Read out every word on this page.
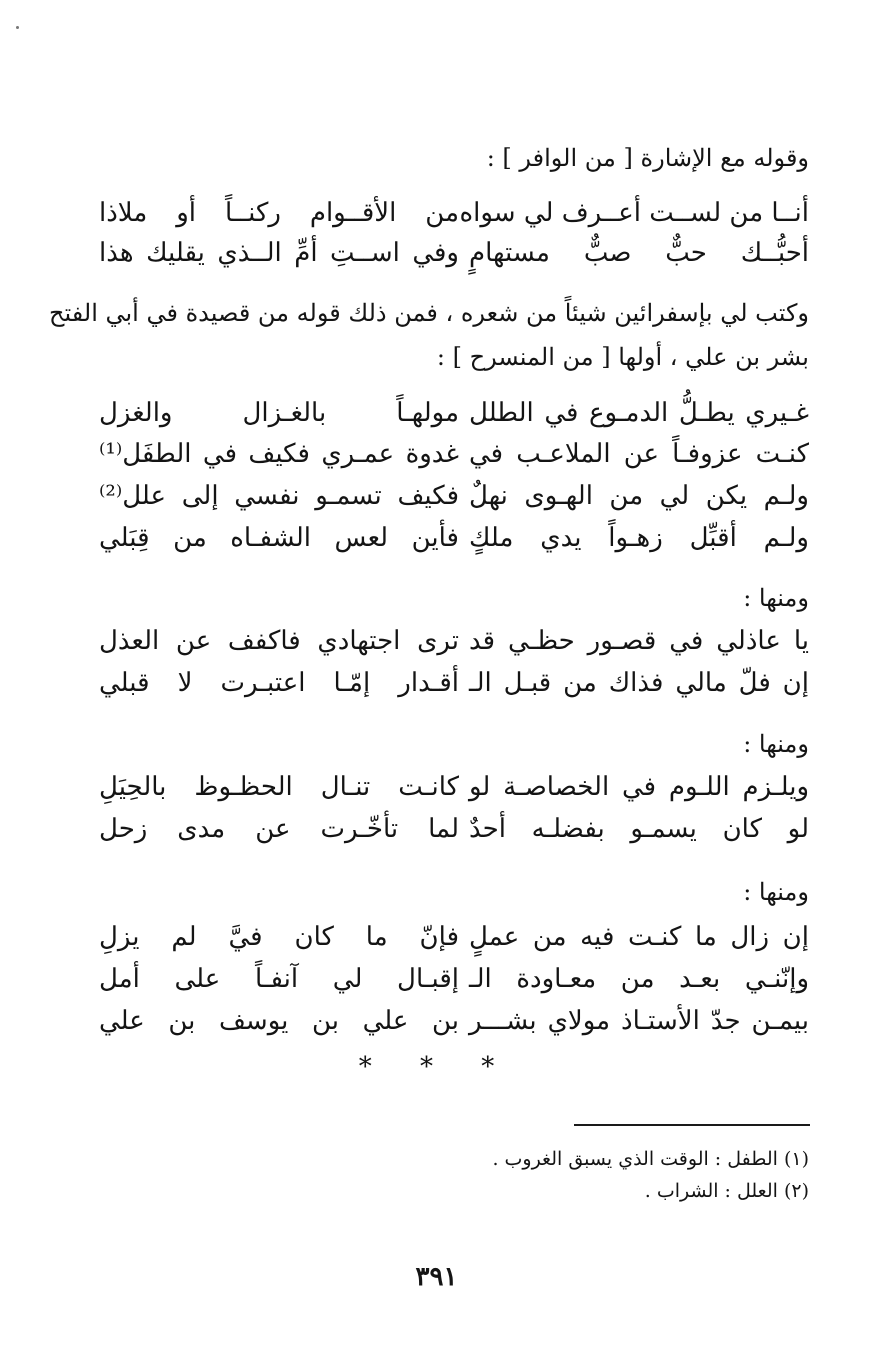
وقوله مع الإشارة [ من الوافر ] :
أنــا من لســت أعــرف لي سواه
من الأقــوام ركنــاً أو ملاذا
أحبُّــك حبٌّ صبٌّ مستهامٍ
وفي اســتِ أمِّ الــذي يقليك هذا
وكتب لي بإسفرائين شيئاً من شعره ، فمن ذلك قوله من قصيدة في أبي الفتح
بشر بن علي ، أولها [ من المنسرح ] :
غـيري يطـلُّ الدمـوع في الطلل
مولهـاً بالغـزال والغزل
كنـت عزوفـاً عن الملاعـب في
غدوة عمـري فكيف في الطفَل⁽¹⁾
ولـم يكن لي من الهـوى نهلٌ
فكيف تسمـو نفسي إلى علل⁽²⁾
ولـم أقبِّل زهـواً يدي ملكٍ
فأين لعس الشفـاه من قِبَلي
ومنها :
يا عاذلي في قصـور حظـي قد
ترى اجتهادي فاكفف عن العذل
إن فلّ مالي فذاك من قبـل الـ
أقـدار إمّـا اعتبـرت لا قبلي
ومنها :
ويلـزم اللـوم في الخصاصـة لو
كانـت تنـال الحظـوظ بالحِيَلِ
لو كان يسمـو بفضلـه أحدٌ
لما تأخّـرت عن مدى زحل
ومنها :
إن زال ما كنـت فيه من عملٍ
فإنّ ما كان فيَّ لم يزلِ
وإنّنـي بعـد من معـاودة الـ
إقبـال لي آنفـاً على أمل
بيمـن جدّ الأستـاذ مولاي بشـــر
بن علي بن يوسف بن علي
* * *
(١) الطفل : الوقت الذي يسبق الغروب .
(٢) العلل : الشراب .
٣٩١
